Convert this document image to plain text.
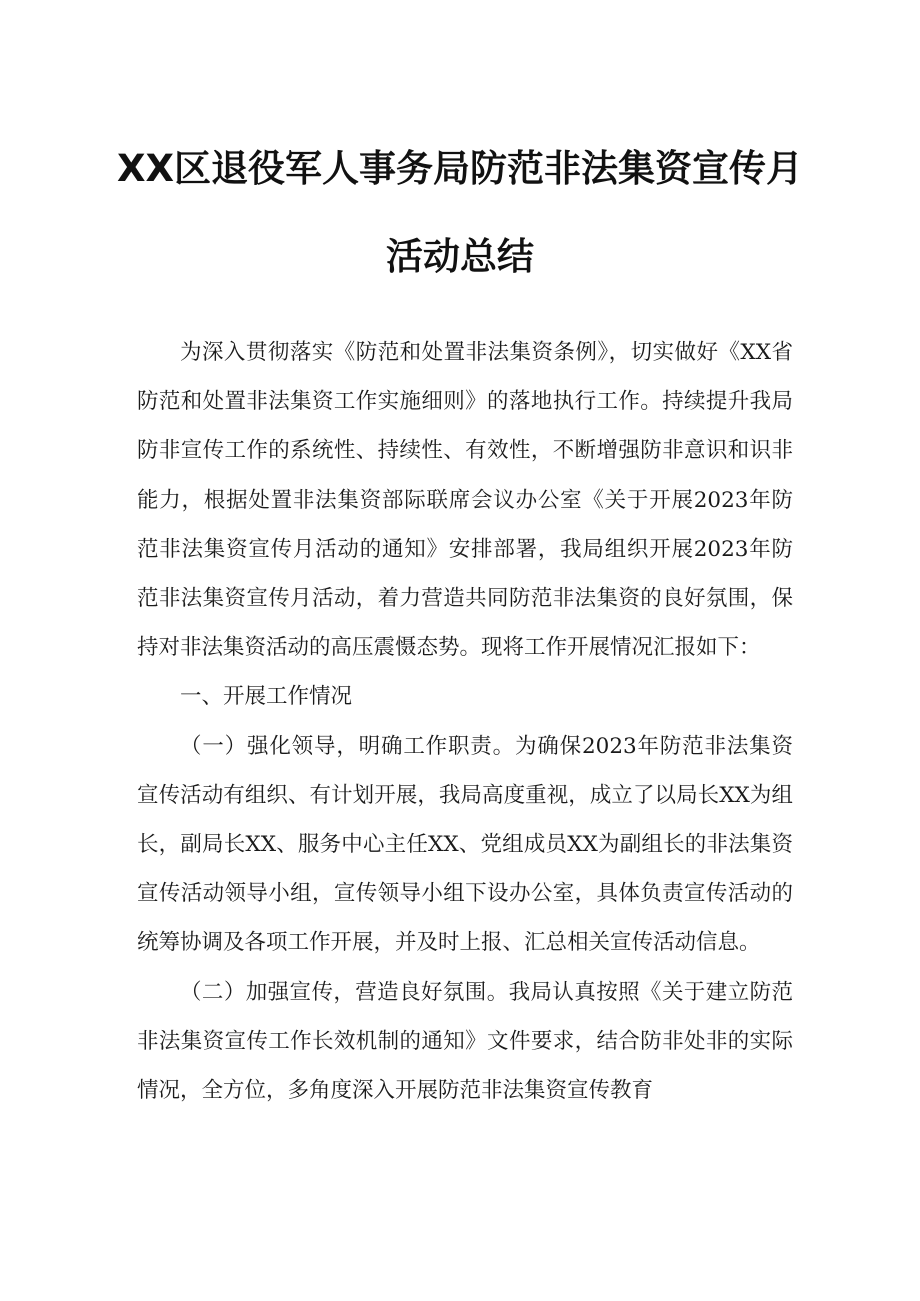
XX区退役军人事务局防范非法集资宣传月
活动总结

为深入贯彻落实《防范和处置非法集资条例》，切实做好《XX省防范和处置非法集资工作实施细则》的落地执行工作。持续提升我局防非宣传工作的系统性、持续性、有效性，不断增强防非意识和识非能力，根据处置非法集资部际联席会议办公室《关于开展2023年防范非法集资宣传月活动的通知》安排部署，我局组织开展2023年防范非法集资宣传月活动，着力营造共同防范非法集资的良好氛围，保持对非法集资活动的高压震慑态势。现将工作开展情况汇报如下：

一、开展工作情况

（一）强化领导，明确工作职责。为确保2023年防范非法集资宣传活动有组织、有计划开展，我局高度重视，成立了以局长XX为组长，副局长XX、服务中心主任XX、党组成员XX为副组长的非法集资宣传活动领导小组，宣传领导小组下设办公室，具体负责宣传活动的统筹协调及各项工作开展，并及时上报、汇总相关宣传活动信息。

（二）加强宣传，营造良好氛围。我局认真按照《关于建立防范非法集资宣传工作长效机制的通知》文件要求，结合防非处非的实际情况，全方位，多角度深入开展防范非法集资宣传教育
